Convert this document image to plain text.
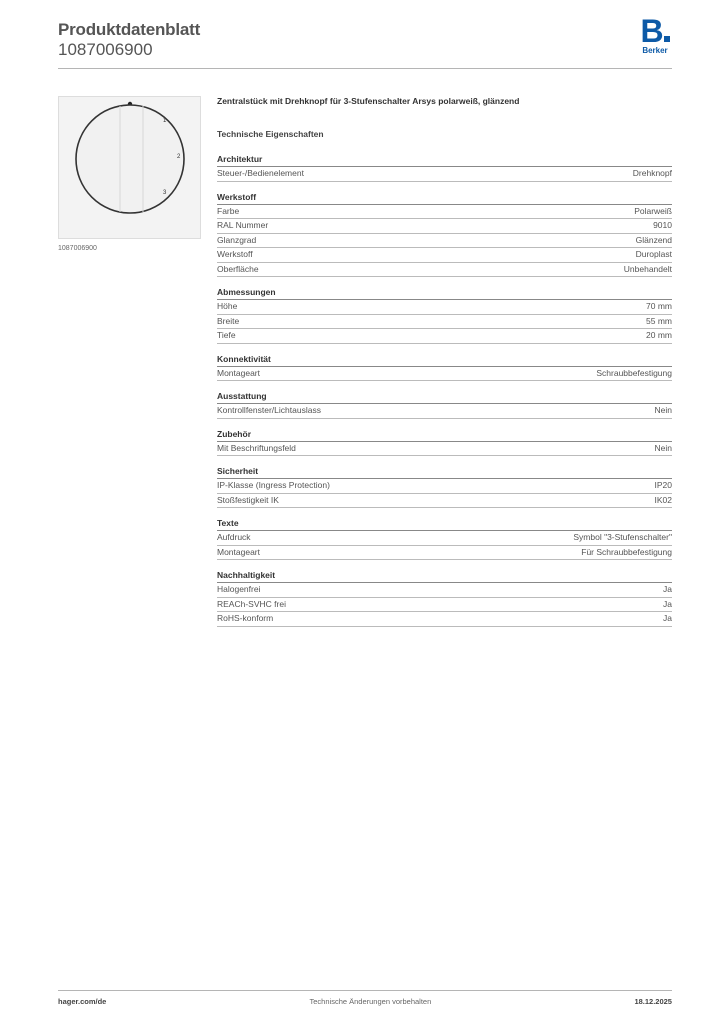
Produktdatenblatt
1087006900
B
Berker
1
2
3
1087006900
Zentralstück mit Drehknopf für 3-Stufenschalter Arsys polarweiß, glänzend
Technische Eigenschaften
Architektur
Steuer-/Bedienelement	Drehknopf
Werkstoff
Farbe	Polarweiß
RAL Nummer	9010
Glanzgrad	Glänzend
Werkstoff	Duroplast
Oberfläche	Unbehandelt
Abmessungen
Höhe	70 mm
Breite	55 mm
Tiefe	20 mm
Konnektivität
Montageart	Schraubbefestigung
Ausstattung
Kontrollfenster/Lichtauslass	Nein
Zubehör
Mit Beschriftungsfeld	Nein
Sicherheit
IP-Klasse (Ingress Protection)	IP20
Stoßfestigkeit IK	IK02
Texte
Aufdruck	Symbol "3-Stufenschalter"
Montageart	Für Schraubbefestigung
Nachhaltigkeit
Halogenfrei	Ja
REACh-SVHC frei	Ja
RoHS-konform	Ja
hager.com/de	Technische Änderungen vorbehalten	18.12.2025
